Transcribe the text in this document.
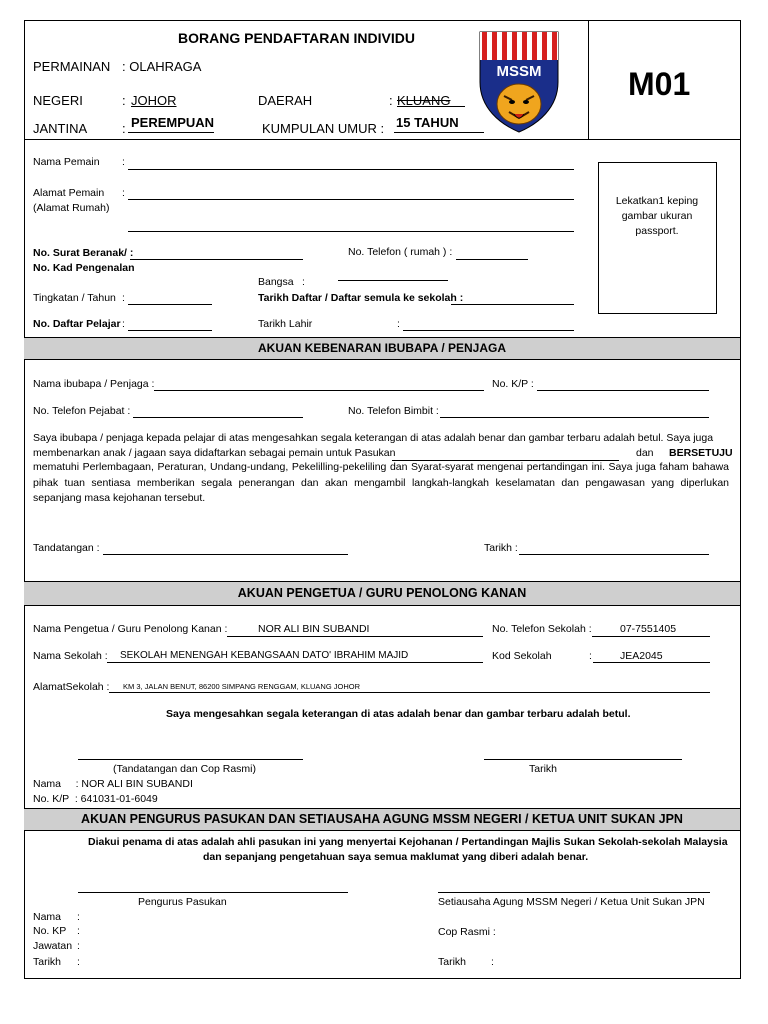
BORANG PENDAFTARAN INDIVIDU
PERMAINAN : OLAHRAGA
NEGERI	: JOHOR	DAERAH	: KLUANG
JANTINA	: PEREMPUAN	KUMPULAN UMUR : 15 TAHUN
MSSM	M01
Nama Pemain :
Alamat Pemain
(Alamat Rumah)
:
No. Surat Beranak/ :
No. Kad Pengenalan
No. Telefon ( rumah ) :
Bangsa :
Tingkatan / Tahun :	Tarikh Daftar / Daftar semula ke sekolah :
No. Daftar Pelajar :	Tarikh Lahir	:
Lekatkan1 keping gambar ukuran passport.
AKUAN KEBENARAN IBUBAPA / PENJAGA
Nama ibubapa / Penjaga :	No. K/P :
No. Telefon Pejabat :	No. Telefon Bimbit :
Saya ibubapa / penjaga kepada pelajar di atas mengesahkan segala keterangan di atas adalah benar dan gambar terbaru adalah betul. Saya juga
membenarkan anak / jagaan saya didaftarkan sebagai pemain untuk Pasukan	dan BERSETUJU
mematuhi Perlembagaan, Peraturan, Undang-undang, Pekelilling-pekeliling dan Syarat-syarat mengenai pertandingan ini. Saya juga faham bahawa pihak tuan sentiasa memberikan segala penerangan dan akan mengambil langkah-langkah keselamatan dan pengawasan yang diperlukan sepanjang masa kejohanan tersebut.
Tandatangan :	Tarikh :
AKUAN PENGETUA / GURU PENOLONG KANAN
Nama Pengetua / Guru Penolong Kanan :	NOR ALI BIN SUBANDI	No. Telefon Sekolah :	07-7551405
Nama Sekolah : SEKOLAH MENENGAH KEBANGSAAN DATO' IBRAHIM MAJID	Kod Sekolah	:	JEA2045
AlamatSekolah : KM 3, JALAN BENUT, 86200 SIMPANG RENGGAM, KLUANG JOHOR
Saya mengesahkan segala keterangan di atas adalah benar dan gambar terbaru adalah betul.
(Tandatangan dan Cop Rasmi)	Tarikh
Nama     : NOR ALI BIN SUBANDI
No. K/P  : 641031-01-6049
AKUAN PENGURUS PASUKAN DAN SETIAUSAHA AGUNG MSSM NEGERI / KETUA UNIT SUKAN JPN
Diakui penama di atas adalah ahli pasukan ini yang menyertai Kejohanan / Pertandingan Majlis Sukan Sekolah-sekolah Malaysia
dan sepanjang pengetahuan saya semua maklumat yang diberi adalah benar.
Pengurus Pasukan	Setiausaha Agung MSSM Negeri / Ketua Unit Sukan JPN
Nama :
No. KP :
Jawatan :
Tarikh :
Cop Rasmi :
Tarikh :
